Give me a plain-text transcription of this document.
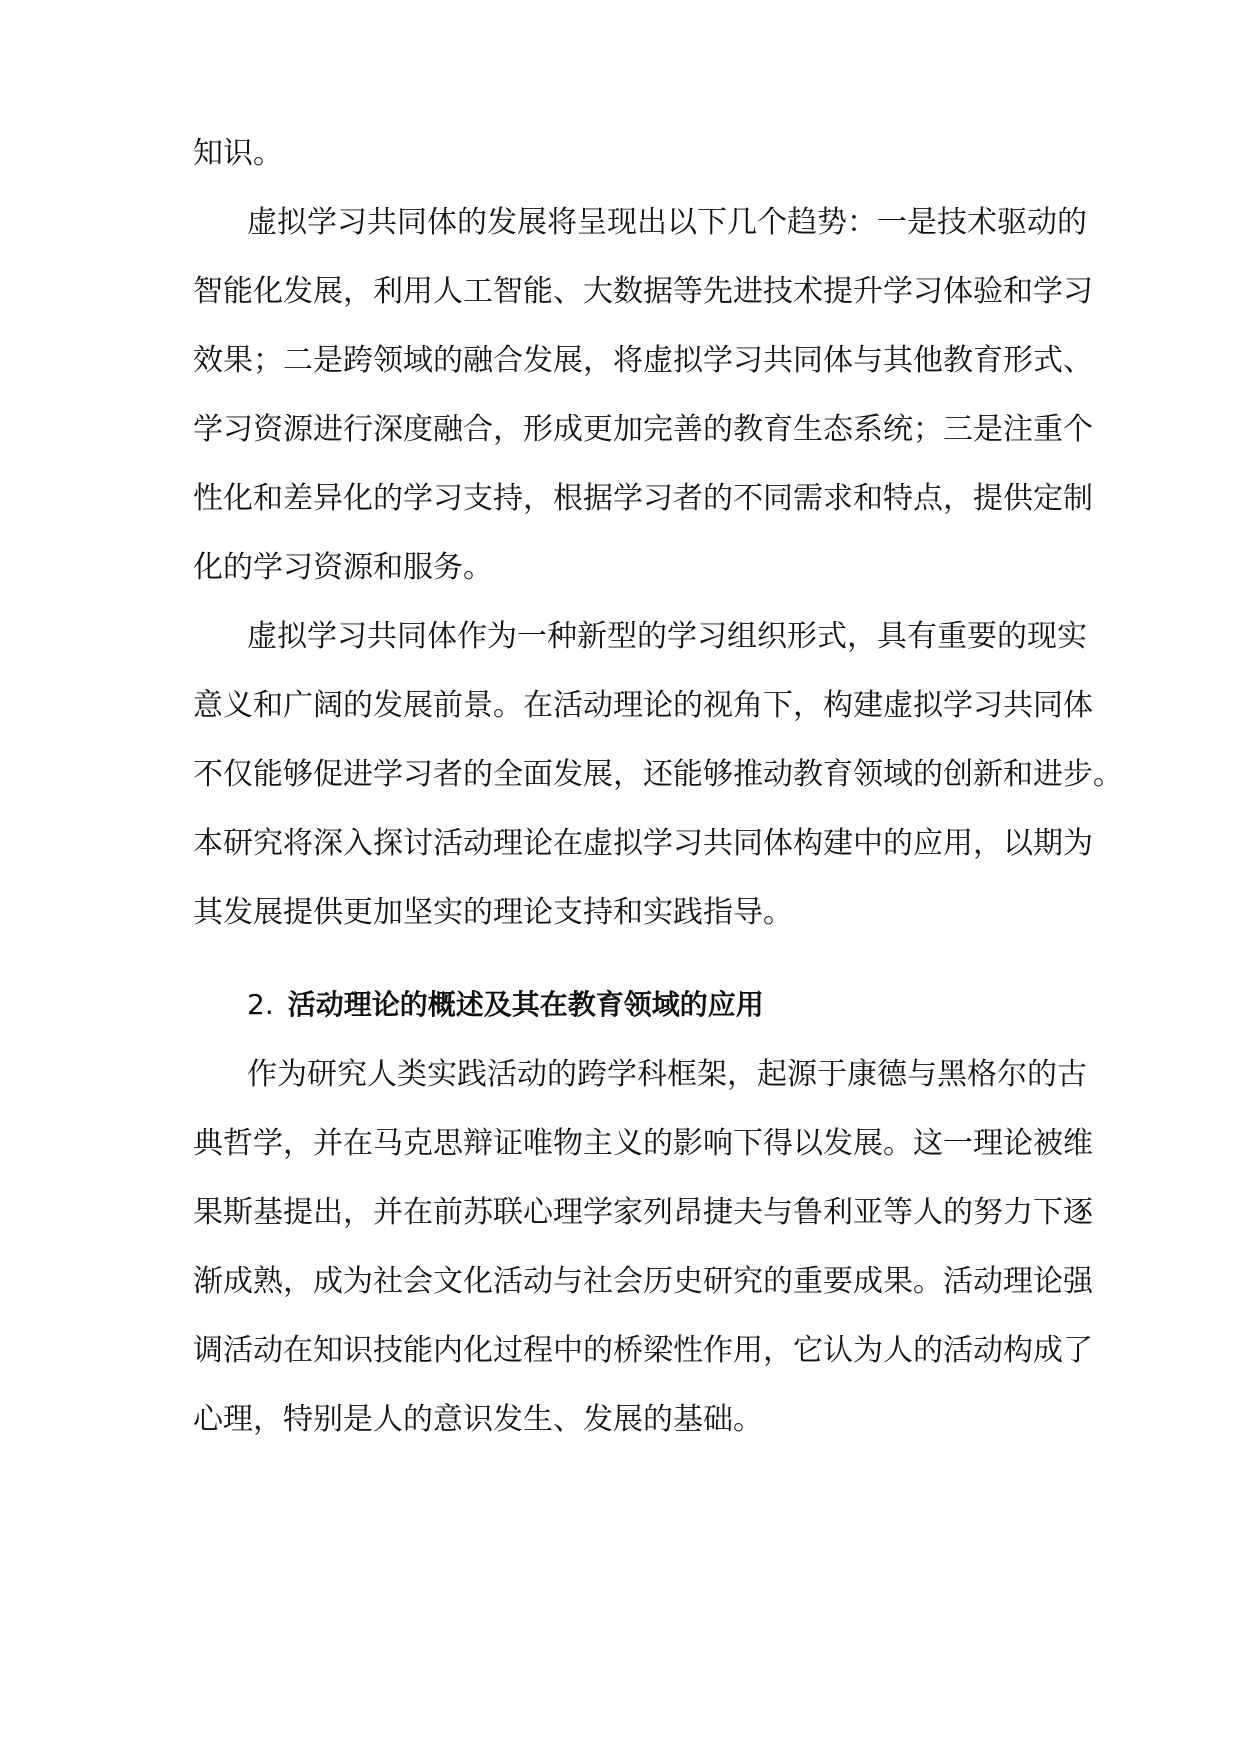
知识。
虚拟学习共同体的发展将呈现出以下几个趋势：一是技术驱动的
智能化发展，利用人工智能、大数据等先进技术提升学习体验和学习
效果；二是跨领域的融合发展，将虚拟学习共同体与其他教育形式、
学习资源进行深度融合，形成更加完善的教育生态系统；三是注重个
性化和差异化的学习支持，根据学习者的不同需求和特点，提供定制
化的学习资源和服务。
虚拟学习共同体作为一种新型的学习组织形式，具有重要的现实
意义和广阔的发展前景。在活动理论的视角下，构建虚拟学习共同体
不仅能够促进学习者的全面发展，还能够推动教育领域的创新和进步。
本研究将深入探讨活动理论在虚拟学习共同体构建中的应用，以期为
其发展提供更加坚实的理论支持和实践指导。
2. 活动理论的概述及其在教育领域的应用
作为研究人类实践活动的跨学科框架，起源于康德与黑格尔的古
典哲学，并在马克思辩证唯物主义的影响下得以发展。这一理论被维
果斯基提出，并在前苏联心理学家列昂捷夫与鲁利亚等人的努力下逐
渐成熟，成为社会文化活动与社会历史研究的重要成果。活动理论强
调活动在知识技能内化过程中的桥梁性作用，它认为人的活动构成了
心理，特别是人的意识发生、发展的基础。
